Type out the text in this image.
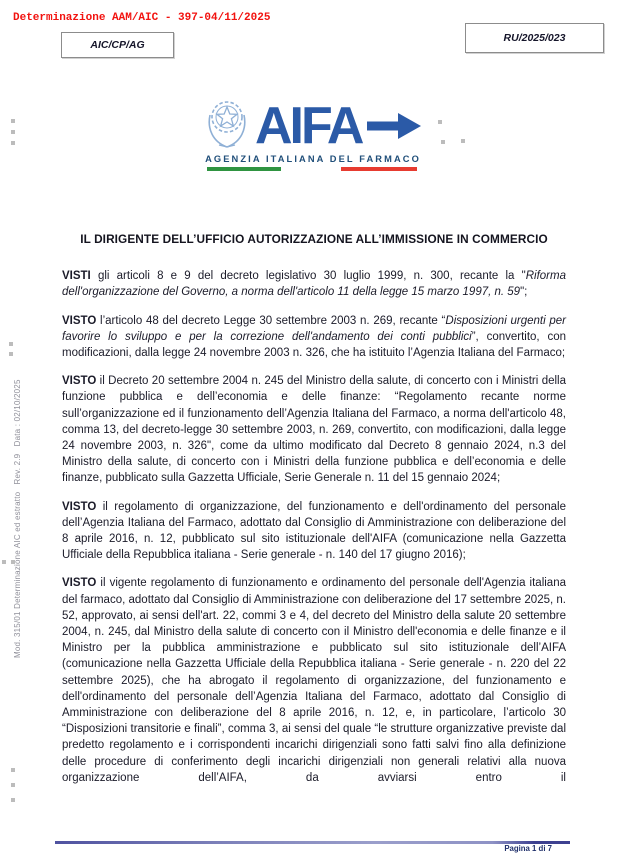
Determinazione AAM/AIC - 397-04/11/2025
AIC/CP/AG
RU/2025/023
AIFA
AGENZIA ITALIANA DEL FARMACO
Mod. 315/01 Determinazione AIC ed estratto   Rev. 2.9   Data : 02/10/2025

IL DIRIGENTE DELL’UFFICIO AUTORIZZAZIONE ALL’IMMISSIONE IN COMMERCIO

VISTI gli articoli 8 e 9 del decreto legislativo 30 luglio 1999, n. 300, recante la "Riforma dell'organizzazione del Governo, a norma dell'articolo 11 della legge 15 marzo 1997, n. 59";

VISTO l’articolo 48 del decreto Legge 30 settembre 2003 n. 269, recante “Disposizioni urgenti per favorire lo sviluppo e per la correzione dell'andamento dei conti pubblici”, convertito, con modificazioni, dalla legge 24 novembre 2003 n. 326, che ha istituito l’Agenzia Italiana del Farmaco;

VISTO il Decreto 20 settembre 2004 n. 245 del Ministro della salute, di concerto con i Ministri della funzione pubblica e dell’economia e delle finanze: “Regolamento recante norme sull’organizzazione ed il funzionamento dell’Agenzia Italiana del Farmaco, a norma dell'articolo 48, comma 13, del decreto-legge 30 settembre 2003, n. 269, convertito, con modificazioni, dalla legge 24 novembre 2003, n. 326", come da ultimo modificato dal Decreto 8 gennaio 2024, n.3 del Ministro della salute, di concerto con i Ministri della funzione pubblica e dell’economia e delle finanze, pubblicato sulla Gazzetta Ufficiale, Serie Generale n. 11 del 15 gennaio 2024;

VISTO il regolamento di organizzazione, del funzionamento e dell'ordinamento del personale dell’Agenzia Italiana del Farmaco, adottato dal Consiglio di Amministrazione con deliberazione del 8 aprile 2016, n. 12, pubblicato sul sito istituzionale dell'AIFA (comunicazione nella Gazzetta Ufficiale della Repubblica italiana - Serie generale - n. 140 del 17 giugno 2016);

VISTO il vigente regolamento di funzionamento e ordinamento del personale dell'Agenzia italiana del farmaco, adottato dal Consiglio di Amministrazione con deliberazione del 17 settembre 2025, n. 52, approvato, ai sensi dell'art. 22, commi 3 e 4, del decreto del Ministro della salute 20 settembre 2004, n. 245, dal Ministro della salute di concerto con il Ministro dell'economia e delle finanze e il Ministro per la pubblica amministrazione e pubblicato sul sito istituzionale dell’AIFA (comunicazione nella Gazzetta Ufficiale della Repubblica italiana - Serie generale - n. 220 del 22 settembre 2025), che ha abrogato il regolamento di organizzazione, del funzionamento e dell'ordinamento del personale dell’Agenzia Italiana del Farmaco, adottato dal Consiglio di Amministrazione con deliberazione del 8 aprile 2016, n. 12, e, in particolare, l’articolo 30 “Disposizioni transitorie e finali”, comma 3, ai sensi del quale “le strutture organizzative previste dal predetto regolamento e i corrispondenti incarichi dirigenziali sono fatti salvi fino alla definizione delle procedure di conferimento degli incarichi dirigenziali non generali relativi alla nuova organizzazione dell’AIFA, da avviarsi entro il

Pagina 1 di 7
